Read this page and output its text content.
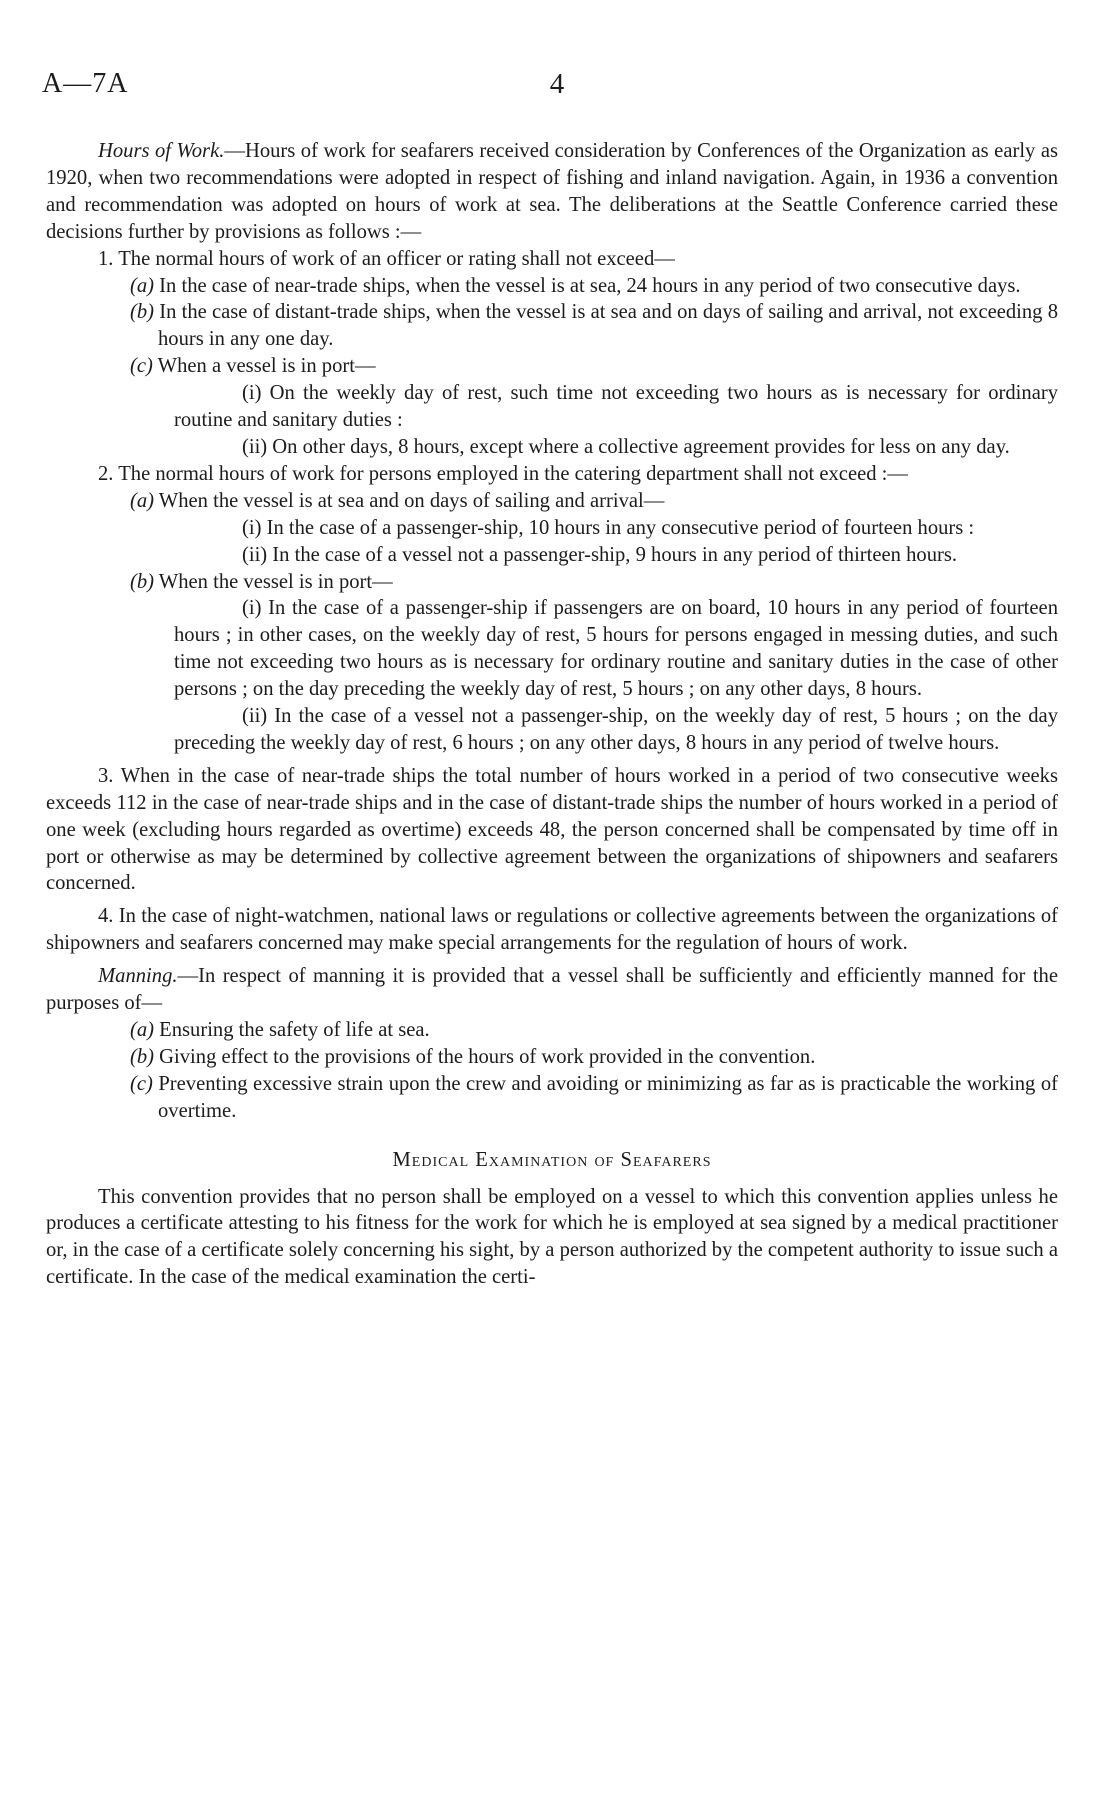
A—7A	4

Hours of Work.—Hours of work for seafarers received consideration by Conferences of the Organization as early as 1920, when two recommendations were adopted in respect of fishing and inland navigation. Again, in 1936 a convention and recommendation was adopted on hours of work at sea. The deliberations at the Seattle Conference carried these decisions further by provisions as follows :—

1. The normal hours of work of an officer or rating shall not exceed—

(a) In the case of near-trade ships, when the vessel is at sea, 24 hours in any period of two consecutive days.

(b) In the case of distant-trade ships, when the vessel is at sea and on days of sailing and arrival, not exceeding 8 hours in any one day.

(c) When a vessel is in port—

(i) On the weekly day of rest, such time not exceeding two hours as is necessary for ordinary routine and sanitary duties :

(ii) On other days, 8 hours, except where a collective agreement provides for less on any day.

2. The normal hours of work for persons employed in the catering department shall not exceed :—

(a) When the vessel is at sea and on days of sailing and arrival—

(i) In the case of a passenger-ship, 10 hours in any consecutive period of fourteen hours :

(ii) In the case of a vessel not a passenger-ship, 9 hours in any period of thirteen hours.

(b) When the vessel is in port—

(i) In the case of a passenger-ship if passengers are on board, 10 hours in any period of fourteen hours ; in other cases, on the weekly day of rest, 5 hours for persons engaged in messing duties, and such time not exceeding two hours as is necessary for ordinary routine and sanitary duties in the case of other persons ; on the day preceding the weekly day of rest, 5 hours ; on any other days, 8 hours.

(ii) In the case of a vessel not a passenger-ship, on the weekly day of rest, 5 hours ; on the day preceding the weekly day of rest, 6 hours ; on any other days, 8 hours in any period of twelve hours.

3. When in the case of near-trade ships the total number of hours worked in a period of two consecutive weeks exceeds 112 in the case of near-trade ships and in the case of distant-trade ships the number of hours worked in a period of one week (excluding hours regarded as overtime) exceeds 48, the person concerned shall be compensated by time off in port or otherwise as may be determined by collective agreement between the organizations of shipowners and seafarers concerned.

4. In the case of night-watchmen, national laws or regulations or collective agreements between the organizations of shipowners and seafarers concerned may make special arrangements for the regulation of hours of work.

Manning.—In respect of manning it is provided that a vessel shall be sufficiently and efficiently manned for the purposes of—

(a) Ensuring the safety of life at sea.

(b) Giving effect to the provisions of the hours of work provided in the convention.

(c) Preventing excessive strain upon the crew and avoiding or minimizing as far as is practicable the working of overtime.

Medical Examination of Seafarers

This convention provides that no person shall be employed on a vessel to which this convention applies unless he produces a certificate attesting to his fitness for the work for which he is employed at sea signed by a medical practitioner or, in the case of a certificate solely concerning his sight, by a person authorized by the competent authority to issue such a certificate. In the case of the medical examination the certi-
